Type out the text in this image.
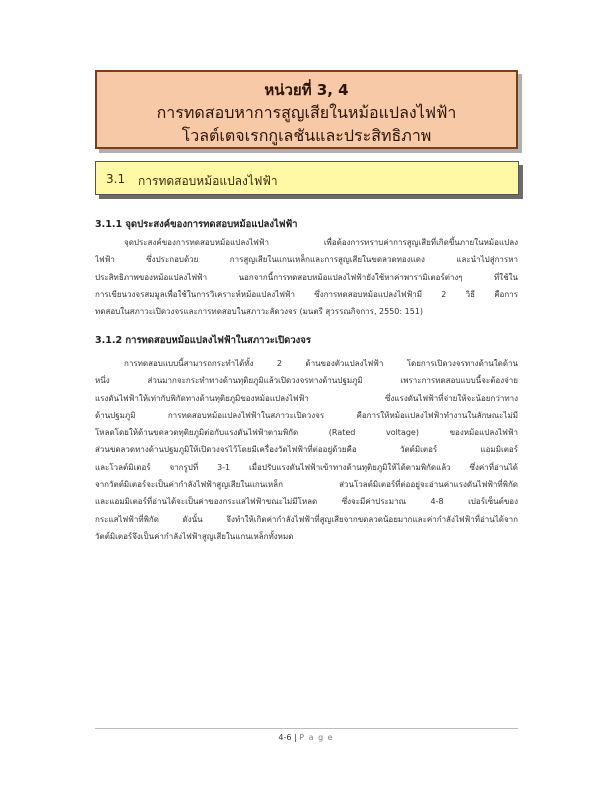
หน่วยที่ 3, 4
การทดสอบหาการสูญเสียในหม้อแปลงไฟฟ้า
โวลต์เตจเรกกูเลชันและประสิทธิภาพ
3.1 การทดสอบหม้อแปลงไฟฟ้า
3.1.1 จุดประสงค์ของการทดสอบหม้อแปลงไฟฟ้า
จุดประสงค์ของการทดสอบหม้อแปลงไฟฟ้า เพื่อต้องการทราบค่าการสูญเสียที่เกิดขึ้นภายในหม้อแปลง
ไฟฟ้า ซึ่งประกอบด้วย การสูญเสียในแกนเหล็กและการสูญเสียในขดลวดทองแดง และนำไปสู่การหา
ประสิทธิภาพของหม้อแปลงไฟฟ้า นอกจากนี้การทดสอบหม้อแปลงไฟฟ้ายังใช้หาค่าพารามิเตอร์ต่างๆ ที่ใช้ใน
การเขียนวงจรสมมูลเพื่อใช้ในการวิเคราะห์หม้อแปลงไฟฟ้า ซึ่งการทดสอบหม้อแปลงไฟฟ้ามี 2 วิธี คือการ
ทดสอบในสภาวะเปิดวงจรและการทดสอบในสภาวะลัดวงจร (มนตรี สุวรรณกิจการ, 2550: 151)
3.1.2 การทดสอบหม้อแปลงไฟฟ้าในสภาวะเปิดวงจร
การทดสอบแบบนี้สามารถกระทำได้ทั้ง 2 ด้านของตัวแปลงไฟฟ้า โดยการเปิดวงจรทางด้านใดด้าน
หนึ่ง ส่วนมากจะกระทำทางด้านทุติยภูมิแล้วเปิดวงจรทางด้านปฐมภูมิ เพราะการทดสอบแบบนี้จะต้องจ่าย
แรงดันไฟฟ้าให้เท่ากับพิกัดทางด้านทุติยภูมิของหม้อแปลงไฟฟ้า ซึ่งแรงดันไฟฟ้าที่จ่ายให้จะน้อยกว่าทาง
ด้านปฐมภูมิ การทดสอบหม้อแปลงไฟฟ้าในสภาวะเปิดวงจร คือการให้หม้อแปลงไฟฟ้าทำงานในลักษณะไม่มี
โหลดโดยให้ด้านขดลวดทุติยภูมิต่อกับแรงดันไฟฟ้าตามพิกัด (Rated voltage) ของหม้อแปลงไฟฟ้า
ส่วนขดลวดทางด้านปฐมภูมิให้เปิดวงจรไว้โดยมีเครื่องวัดไฟฟ้าที่ต่ออยู่ด้วยคือ วัตต์มิเตอร์ แอมมิเตอร์
และโวลต์มิเตอร์ จากรูปที่ 3-1 เมื่อปรับแรงดันไฟฟ้าเข้าทางด้านทุติยภูมิให้ได้ตามพิกัดแล้ว ซึ่งค่าที่อ่านได้
จากวัตต์มิเตอร์จะเป็นค่ากำลังไฟฟ้าสูญเสียในแกนเหล็ก ส่วนโวลต์มิเตอร์ที่ต่ออยู่จะอ่านค่าแรงดันไฟฟ้าที่พิกัด
และแอมมิเตอร์ที่อ่านได้จะเป็นค่าของกระแสไฟฟ้าขณะไม่มีโหลด ซึ่งจะมีค่าประมาณ 4-8 เปอร์เซ็นต์ของ
กระแสไฟฟ้าที่พิกัด ดังนั้น จึงทำให้เกิดค่ากำลังไฟฟ้าที่สูญเสียจากขดลวดน้อยมากและค่ากำลังไฟฟ้าที่อ่านได้จาก
วัตต์มิเตอร์จึงเป็นค่ากำลังไฟฟ้าสูญเสียในแกนเหล็กทั้งหมด
4-6 | P a g e
